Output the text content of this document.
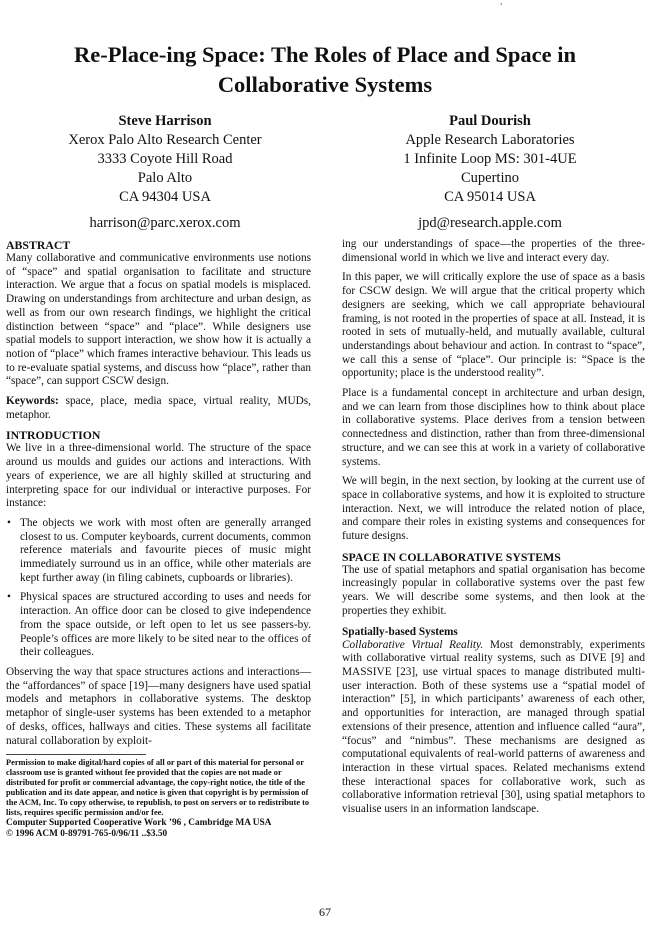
,
Re-Place-ing Space: The Roles of Place and Space in
Collaborative Systems
Steve Harrison
Xerox Palo Alto Research Center
3333 Coyote Hill Road
Palo Alto
CA 94304 USA
harrison@parc.xerox.com
Paul Dourish
Apple Research Laboratories
1 Infinite Loop MS: 301-4UE
Cupertino
CA 95014 USA
jpd@research.apple.com
ABSTRACT

Many collaborative and communicative environments use notions of “space” and spatial organisation to facilitate and structure interaction. We argue that a focus on spatial models is misplaced. Drawing on understandings from architecture and urban design, as well as from our own research findings, we highlight the critical distinction between “space” and “place”. While designers use spatial models to support interaction, we show how it is actually a notion of “place” which frames interactive behaviour. This leads us to re-evaluate spatial systems, and discuss how “place”, rather than “space”, can support CSCW design.

Keywords: space, place, media space, virtual reality, MUDs, metaphor.

INTRODUCTION

We live in a three-dimensional world. The structure of the space around us moulds and guides our actions and interactions. With years of experience, we are all highly skilled at structuring and interpreting space for our individual or interactive purposes. For instance:

• The objects we work with most often are generally arranged closest to us. Computer keyboards, current documents, common reference materials and favourite pieces of music might immediately surround us in an office, while other materials are kept further away (in filing cabinets, cupboards or libraries).
• Physical spaces are structured according to uses and needs for interaction. An office door can be closed to give independence from the space outside, or left open to let us see passers-by. People’s offices are more likely to be sited near to the offices of their colleagues.

Observing the way that space structures actions and interactions—the “affordances” of space [19]—many designers have used spatial models and metaphors in collaborative systems. The desktop metaphor of single-user systems has been extended to a metaphor of desks, offices, hallways and cities. These systems all facilitate natural collaboration by exploit-

Permission to make digital/hard copies of all or part of this material for personal or classroom use is granted without fee provided that the copies are not made or distributed for profit or commercial advantage, the copy-right notice, the title of the publication and its date appear, and notice is given that copyright is by permission of the ACM, Inc. To copy otherwise, to republish, to post on servers or to redistribute to lists, requires specific permission and/or fee.

Computer Supported Cooperative Work ’96 , Cambridge MA USA
© 1996 ACM 0-89791-765-0/96/11 ..$3.50

ing our understandings of space—the properties of the three-dimensional world in which we live and interact every day.

In this paper, we will critically explore the use of space as a basis for CSCW design. We will argue that the critical property which designers are seeking, which we call appropriate behavioural framing, is not rooted in the properties of space at all. Instead, it is rooted in sets of mutually-held, and mutually available, cultural understandings about behaviour and action. In contrast to “space”, we call this a sense of “place”. Our principle is: “Space is the opportunity; place is the understood reality”.

Place is a fundamental concept in architecture and urban design, and we can learn from those disciplines how to think about place in collaborative systems. Place derives from a tension between connectedness and distinction, rather than from three-dimensional structure, and we can see this at work in a variety of collaborative systems.

We will begin, in the next section, by looking at the current use of space in collaborative systems, and how it is exploited to structure interaction. Next, we will introduce the related notion of place, and compare their roles in existing systems and consequences for future designs.

SPACE IN COLLABORATIVE SYSTEMS

The use of spatial metaphors and spatial organisation has become increasingly popular in collaborative systems over the past few years. We will describe some systems, and then look at the properties they exhibit.

Spatially-based Systems

Collaborative Virtual Reality. Most demonstrably, experiments with collaborative virtual reality systems, such as DIVE [9] and MASSIVE [23], use virtual spaces to manage distributed multi-user interaction. Both of these systems use a “spatial model of interaction” [5], in which participants’ awareness of each other, and opportunities for interaction, are managed through spatial extensions of their presence, attention and influence called “aura”, “focus” and “nimbus”. These mechanisms are designed as computational equivalents of real-world patterns of awareness and interaction in these virtual spaces. Related mechanisms extend these interactional spaces for collaborative work, such as collaborative information retrieval [30], using spatial metaphors to visualise users in an information landscape.

67
